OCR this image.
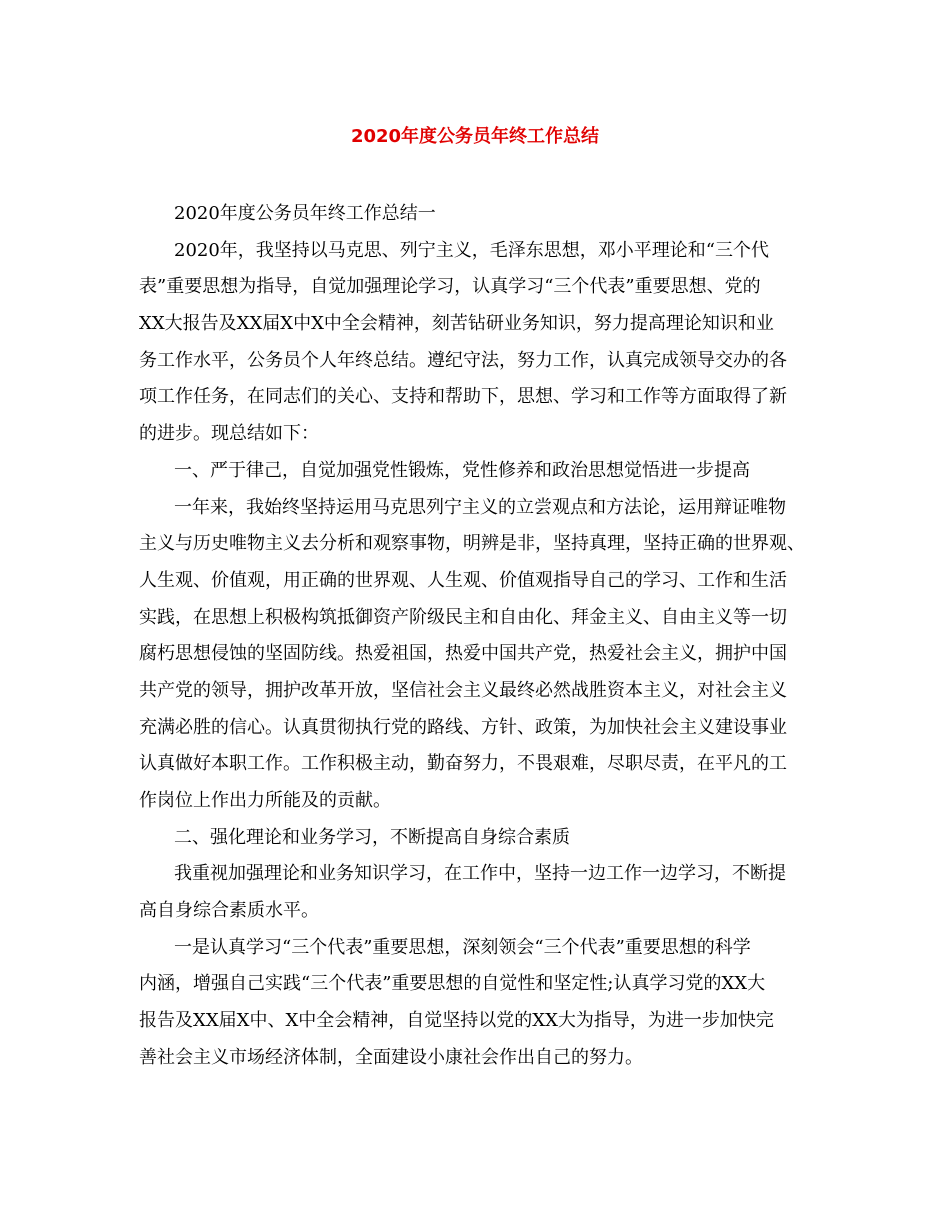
2020年度公务员年终工作总结

2020年度公务员年终工作总结一

2020年，我坚持以马克思、列宁主义，毛泽东思想，邓小平理论和“三个代

表”重要思想为指导，自觉加强理论学习，认真学习“三个代表”重要思想、党的

XX大报告及XX届X中X中全会精神，刻苦钻研业务知识，努力提高理论知识和业

务工作水平，公务员个人年终总结。遵纪守法，努力工作，认真完成领导交办的各

项工作任务，在同志们的关心、支持和帮助下，思想、学习和工作等方面取得了新

的进步。现总结如下：

一、严于律己，自觉加强党性锻炼，党性修养和政治思想觉悟进一步提高

一年来，我始终坚持运用马克思列宁主义的立尝观点和方法论，运用辩证唯物

主义与历史唯物主义去分析和观察事物，明辨是非，坚持真理，坚持正确的世界观、

人生观、价值观，用正确的世界观、人生观、价值观指导自己的学习、工作和生活

实践，在思想上积极构筑抵御资产阶级民主和自由化、拜金主义、自由主义等一切

腐朽思想侵蚀的坚固防线。热爱祖国，热爱中国共产党，热爱社会主义，拥护中国

共产党的领导，拥护改革开放，坚信社会主义最终必然战胜资本主义，对社会主义

充满必胜的信心。认真贯彻执行党的路线、方针、政策，为加快社会主义建设事业

认真做好本职工作。工作积极主动，勤奋努力，不畏艰难，尽职尽责，在平凡的工

作岗位上作出力所能及的贡献。

二、强化理论和业务学习，不断提高自身综合素质

我重视加强理论和业务知识学习，在工作中，坚持一边工作一边学习，不断提

高自身综合素质水平。

一是认真学习“三个代表”重要思想，深刻领会“三个代表”重要思想的科学

内涵，增强自己实践“三个代表”重要思想的自觉性和坚定性;认真学习党的XX大

报告及XX届X中、X中全会精神，自觉坚持以党的XX大为指导，为进一步加快完

善社会主义市场经济体制，全面建设小康社会作出自己的努力。
